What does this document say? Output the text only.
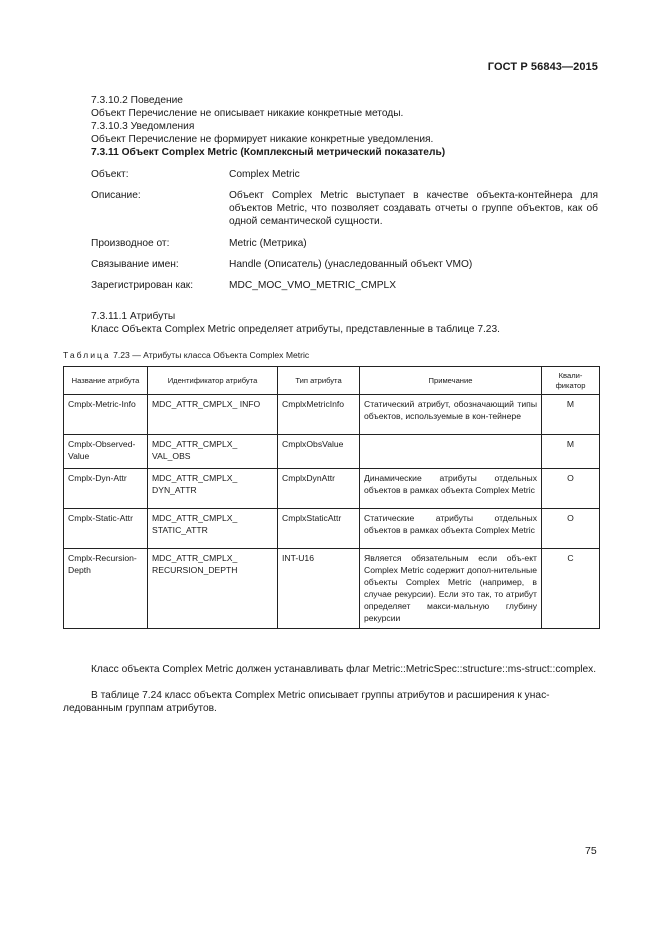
ГОСТ Р 56843—2015
7.3.10.2 Поведение
Объект Перечисление не описывает никакие конкретные методы.
7.3.10.3 Уведомления
Объект Перечисление не формирует никакие конкретные уведомления.
7.3.11 Объект Complex Metric (Комплексный метрический показатель)
Объект:	Complex Metric
Описание:	Объект Complex Metric выступает в качестве объекта-контейнера для объектов Metric, что позволяет создавать отчеты о группе объектов, как об одной семантической сущности.
Производное от:	Metric (Метрика)
Связывание имен:	Handle (Описатель) (унаследованный объект VMO)
Зарегистрирован как:	MDC_MOC_VMO_METRIC_CMPLX
7.3.11.1 Атрибуты
Класс Объекта Complex Metric определяет атрибуты, представленные в таблице 7.23.
Таблица 7.23 — Атрибуты класса Объекта Complex Metric
Название атрибута	Идентификатор атрибута	Тип атрибута	Примечание	Квали-фикатор
Cmplx-Metric-Info	MDC_ATTR_CMPLX_ INFO	CmplxMetricInfo	Статический атрибут, обозначающий типы объектов, используемые в кон-тейнере	M
Cmplx-Observed-Value	MDC_ATTR_CMPLX_ VAL_OBS	CmplxObsValue		M
Cmplx-Dyn-Attr	MDC_ATTR_CMPLX_ DYN_ATTR	CmplxDynAttr	Динамические атрибуты отдельных объектов в рамках объекта Complex Metric	O
Cmplx-Static-Attr	MDC_ATTR_CMPLX_ STATIC_ATTR	CmplxStaticAttr	Статические атрибуты отдельных объектов в рамках объекта Complex Metric	O
Cmplx-Recursion-Depth	MDC_ATTR_CMPLX_ RECURSION_DEPTH	INT-U16	Является обязательным если объ-ект Complex Metric содержит допол-нительные объекты Complex Metric (например, в случае рекурсии). Если это так, то атрибут определяет макси-мальную глубину рекурсии	C
Класс объекта Complex Metric должен устанавливать флаг Metric::MetricSpec::structure::ms-struct::complex.
В таблице 7.24 класс объекта Complex Metric описывает группы атрибутов и расширения к унас-ледованным группам атрибутов.
75
